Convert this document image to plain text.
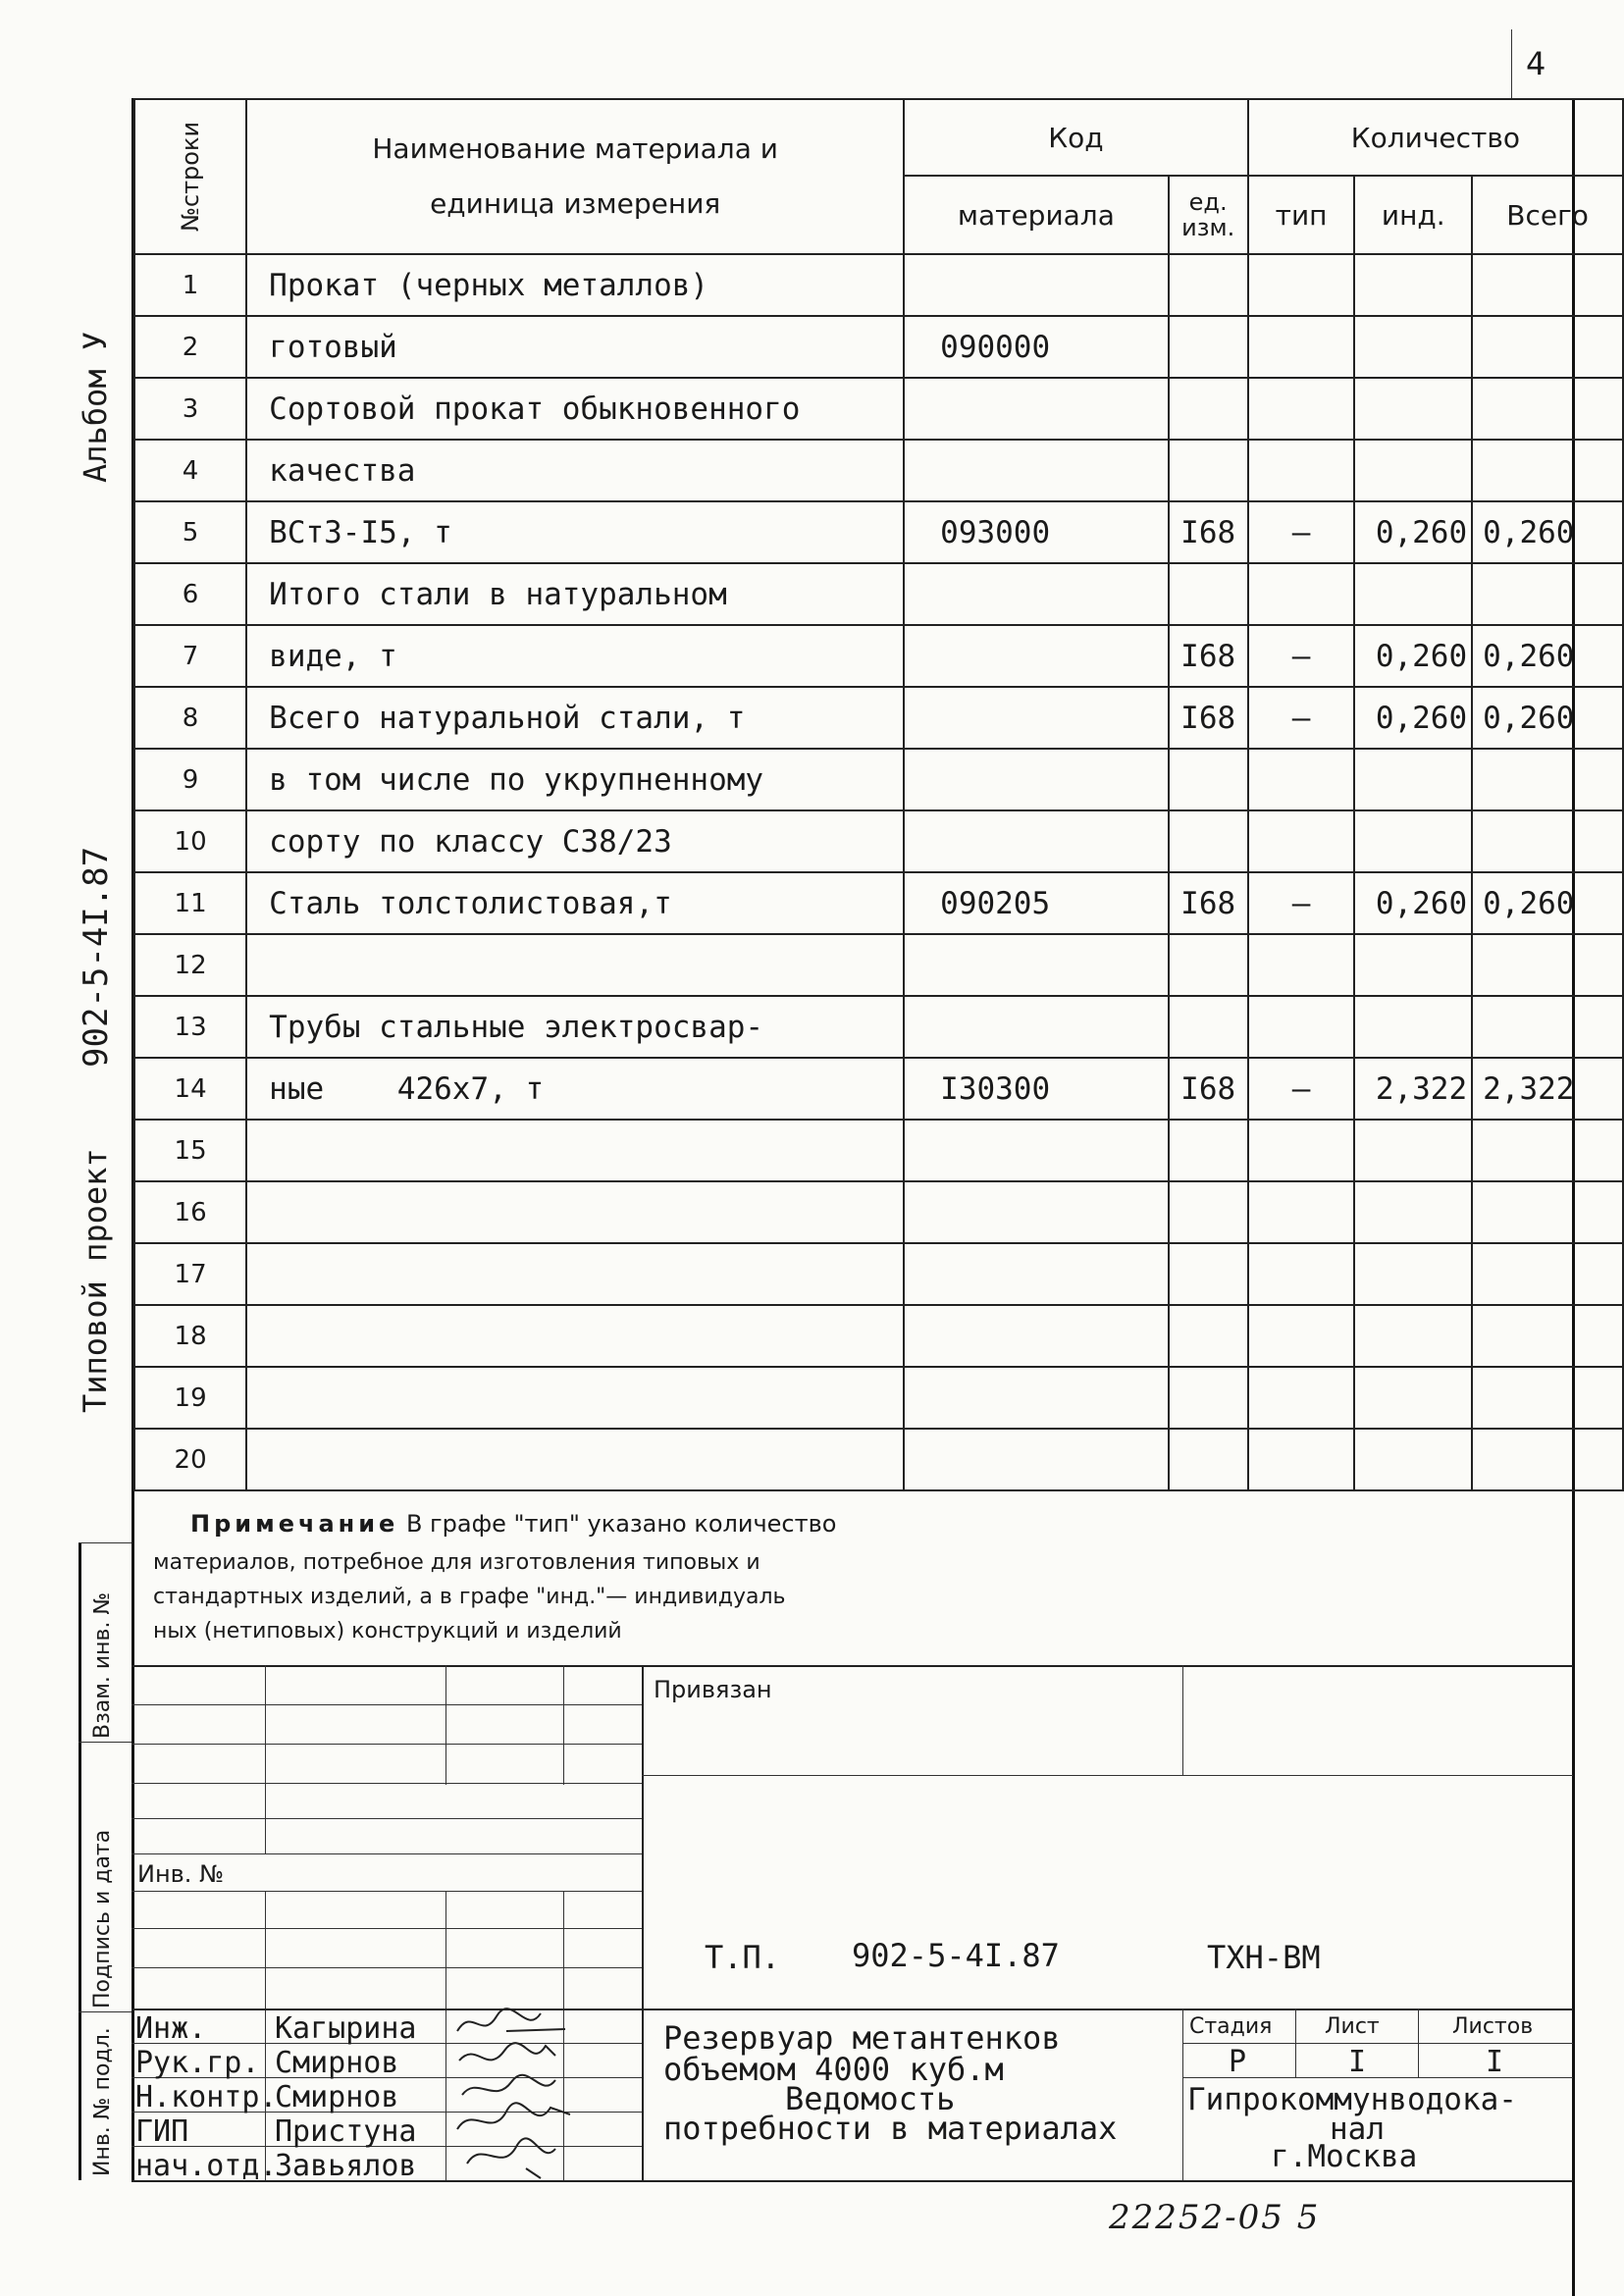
4
Альбом У
902-5-4I.87
Типовой проект
Взам. инв. №
Подпись и дата
Инв. № подл.
№строки	Наименование материала и единица измерения	Код		Количество		
		материала	ед. изм.	тип	инд.	Всего
1	Прокат (черных металлов)					
2	готовый	090000				
3	Сортовой прокат обыкновенного					
4	качества					
5	ВСт3-I5, т	093000	I68	–	0,260	0,260
6	Итого стали в натуральном					
7	виде, т		I68	–	0,260	0,260
8	Всего натуральной стали, т		I68	–	0,260	0,260
9	в том числе по укрупненному					
10	сорту по классу С38/23					
11	Сталь толстолистовая,т	090205	I68	–	0,260	0,260
12						
13	Трубы стальные электросвар-					
14	ные    426х7, т	I30300	I68	–	2,322	2,322
15						
16						
17						
18						
19						
20						
Примечание В графе "тип" указано количество
материалов, потребное для изготовления типовых и
стандартных изделий, а в графе "инд."— индивидуаль
ных (нетиповых) конструкций и изделий
Привязан
Инв. №
Т.П. 902-5-4I.87	ТХН-ВМ
Инж. Кагырина
Рук.гр. Смирнов
Н.контр.
Смирнов
ГИП	Пристуна
нач.отд.
Завьялов
Резервуар метантенков
объемом 4000 куб.м
Ведомость
потребности в материалах
Стадия Лист	Листов
Р	I	I
Гипрокоммунводока-
нал
г.Москва
22252-05 5
